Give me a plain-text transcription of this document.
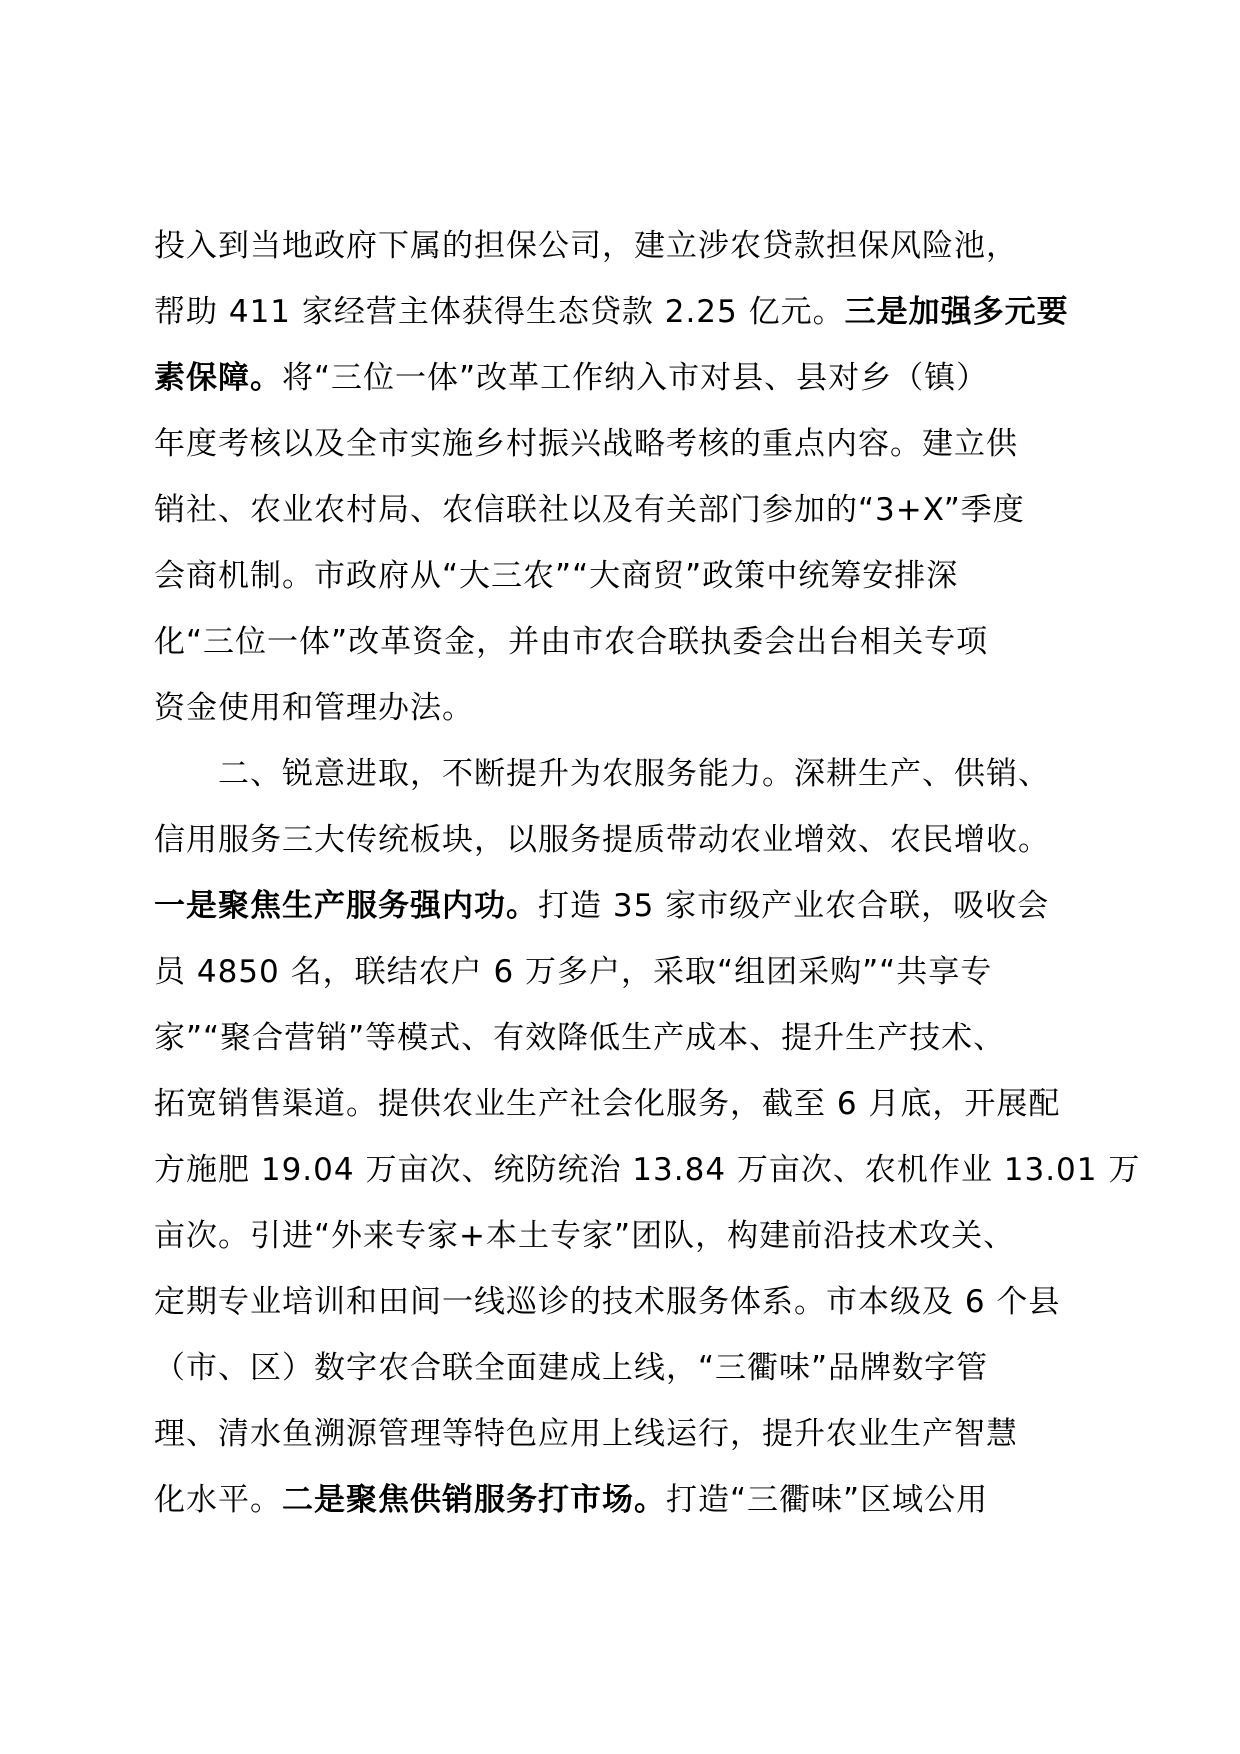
投入到当地政府下属的担保公司，建立涉农贷款担保风险池，
帮助 411 家经营主体获得生态贷款 2.25 亿元。三是加强多元要
素保障。将“三位一体”改革工作纳入市对县、县对乡（镇）
年度考核以及全市实施乡村振兴战略考核的重点内容。建立供
销社、农业农村局、农信联社以及有关部门参加的“3+X”季度
会商机制。市政府从“大三农”“大商贸”政策中统筹安排深
化“三位一体”改革资金，并由市农合联执委会出台相关专项
资金使用和管理办法。
　　二、锐意进取，不断提升为农服务能力。深耕生产、供销、
信用服务三大传统板块，以服务提质带动农业增效、农民增收。
一是聚焦生产服务强内功。打造 35 家市级产业农合联，吸收会
员 4850 名，联结农户 6 万多户，采取“组团采购”“共享专
家”“聚合营销”等模式、有效降低生产成本、提升生产技术、
拓宽销售渠道。提供农业生产社会化服务，截至 6 月底，开展配
方施肥 19.04 万亩次、统防统治 13.84 万亩次、农机作业 13.01 万
亩次。引进“外来专家+本土专家”团队，构建前沿技术攻关、
定期专业培训和田间一线巡诊的技术服务体系。市本级及 6 个县
（市、区）数字农合联全面建成上线，“三衢味”品牌数字管
理、清水鱼溯源管理等特色应用上线运行，提升农业生产智慧
化水平。二是聚焦供销服务打市场。打造“三衢味”区域公用
